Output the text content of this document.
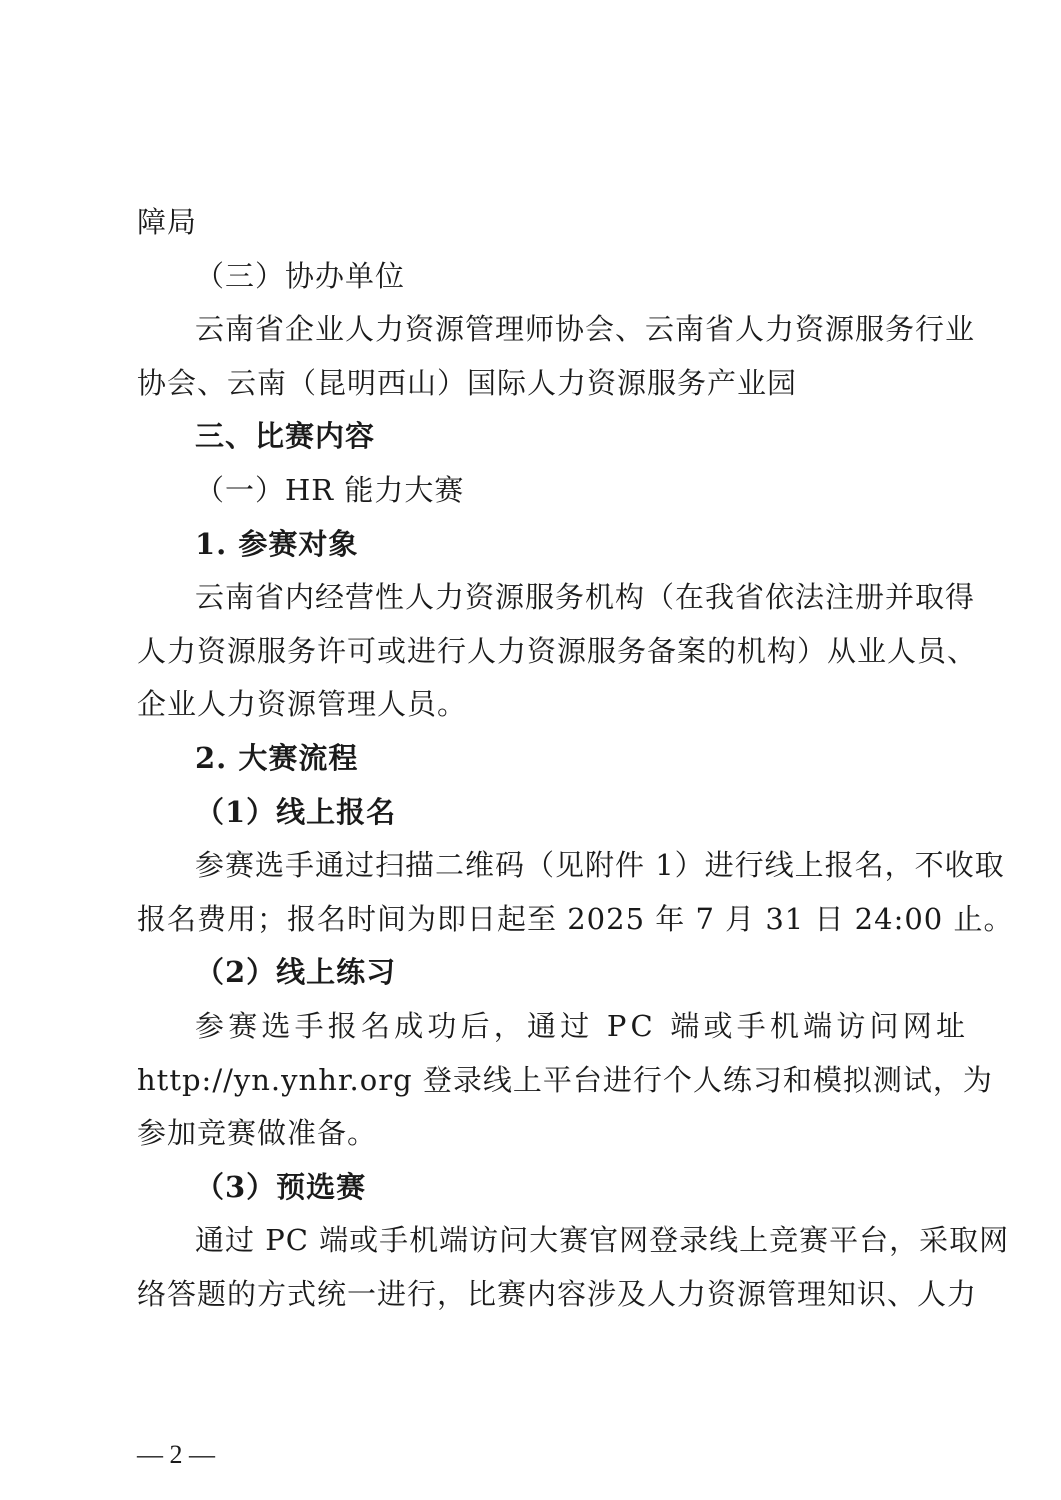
障局
（三）协办单位
云南省企业人力资源管理师协会、云南省人力资源服务行业
协会、云南（昆明西山）国际人力资源服务产业园
三、比赛内容
（一）HR 能力大赛
1. 参赛对象
云南省内经营性人力资源服务机构（在我省依法注册并取得
人力资源服务许可或进行人力资源服务备案的机构）从业人员、
企业人力资源管理人员。
2. 大赛流程
（1）线上报名
参赛选手通过扫描二维码（见附件 1）进行线上报名，不收取
报名费用；报名时间为即日起至 2025 年 7 月 31 日 24:00 止。
（2）线上练习
参赛选手报名成功后，通过 PC 端或手机端访问网址
http://yn.ynhr.org 登录线上平台进行个人练习和模拟测试，为
参加竞赛做准备。
（3）预选赛
通过 PC 端或手机端访问大赛官网登录线上竞赛平台，采取网
络答题的方式统一进行，比赛内容涉及人力资源管理知识、人力
— 2 —
